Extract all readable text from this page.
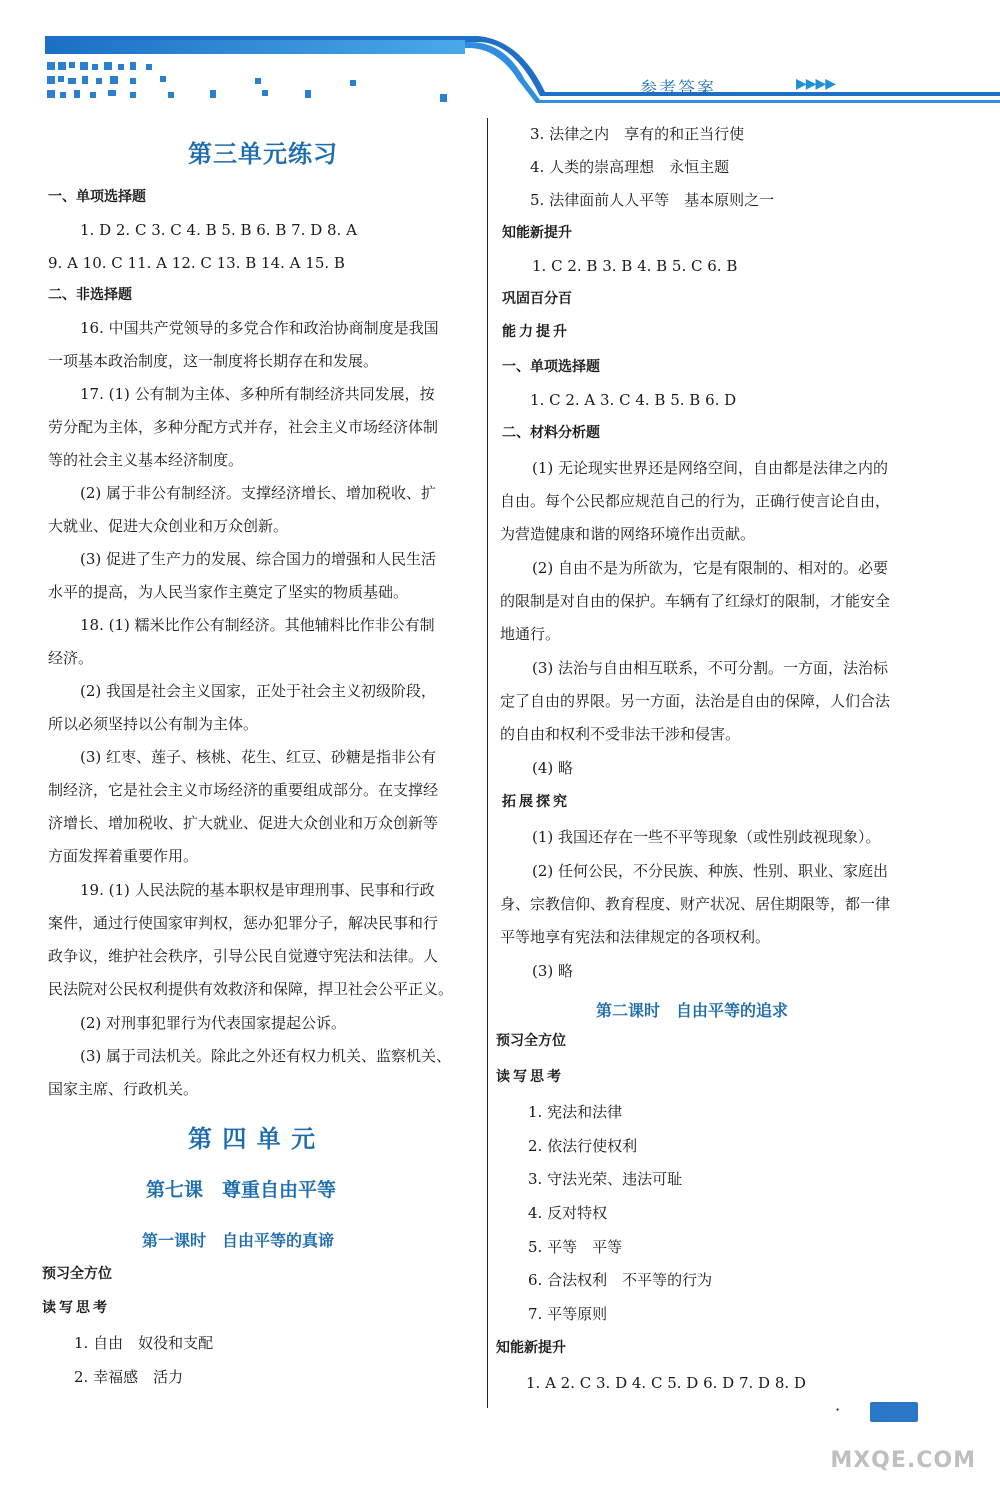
参考答案	▶▶▶▶
第三单元练习
一、单项选择题
1. D 2. C 3. C 4. B 5. B 6. B 7. D 8. A
9. A 10. C 11. A 12. C 13. B 14. A 15. B
二、非选择题
16. 中国共产党领导的多党合作和政治协商制度是我国
一项基本政治制度，这一制度将长期存在和发展。
17. (1) 公有制为主体、多种所有制经济共同发展，按
劳分配为主体，多种分配方式并存，社会主义市场经济体制
等的社会主义基本经济制度。
(2) 属于非公有制经济。支撑经济增长、增加税收、扩
大就业、促进大众创业和万众创新。
(3) 促进了生产力的发展、综合国力的增强和人民生活
水平的提高，为人民当家作主奠定了坚实的物质基础。
18. (1) 糯米比作公有制经济。其他辅料比作非公有制
经济。
(2) 我国是社会主义国家，正处于社会主义初级阶段，
所以必须坚持以公有制为主体。
(3) 红枣、莲子、核桃、花生、红豆、砂糖是指非公有
制经济，它是社会主义市场经济的重要组成部分。在支撑经
济增长、增加税收、扩大就业、促进大众创业和万众创新等
方面发挥着重要作用。
19. (1) 人民法院的基本职权是审理刑事、民事和行政
案件，通过行使国家审判权，惩办犯罪分子，解决民事和行
政争议，维护社会秩序，引导公民自觉遵守宪法和法律。人
民法院对公民权利提供有效救济和保障，捍卫社会公平正义。
(2) 对刑事犯罪行为代表国家提起公诉。
(3) 属于司法机关。除此之外还有权力机关、监察机关、
国家主席、行政机关。
第 四 单 元
第七课　尊重自由平等
第一课时　自由平等的真谛
预习全方位
读写思考
1. 自由　奴役和支配
2. 幸福感　活力
3. 法律之内　享有的和正当行使
4. 人类的崇高理想　永恒主题
5. 法律面前人人平等　基本原则之一
知能新提升
1. C 2. B 3. B 4. B 5. C 6. B
巩固百分百
能力提升
一、单项选择题
1. C 2. A 3. C 4. B 5. B 6. D
二、材料分析题
(1) 无论现实世界还是网络空间，自由都是法律之内的
自由。每个公民都应规范自己的行为，正确行使言论自由，
为营造健康和谐的网络环境作出贡献。
(2) 自由不是为所欲为，它是有限制的、相对的。必要
的限制是对自由的保护。车辆有了红绿灯的限制，才能安全
地通行。
(3) 法治与自由相互联系，不可分割。一方面，法治标
定了自由的界限。另一方面，法治是自由的保障，人们合法
的自由和权利不受非法干涉和侵害。
(4) 略
拓展探究
(1) 我国还存在一些不平等现象（或性别歧视现象）。
(2) 任何公民，不分民族、种族、性别、职业、家庭出
身、宗教信仰、教育程度、财产状况、居住期限等，都一律
平等地享有宪法和法律规定的各项权利。
(3) 略
第二课时　自由平等的追求
预习全方位
读写思考
1. 宪法和法律
2. 依法行使权利
3. 守法光荣、违法可耻
4. 反对特权
5. 平等　平等
6. 合法权利　不平等的行为
7. 平等原则
知能新提升
1. A 2. C 3. D 4. C 5. D 6. D 7. D 8. D
·
MXQE.COM
